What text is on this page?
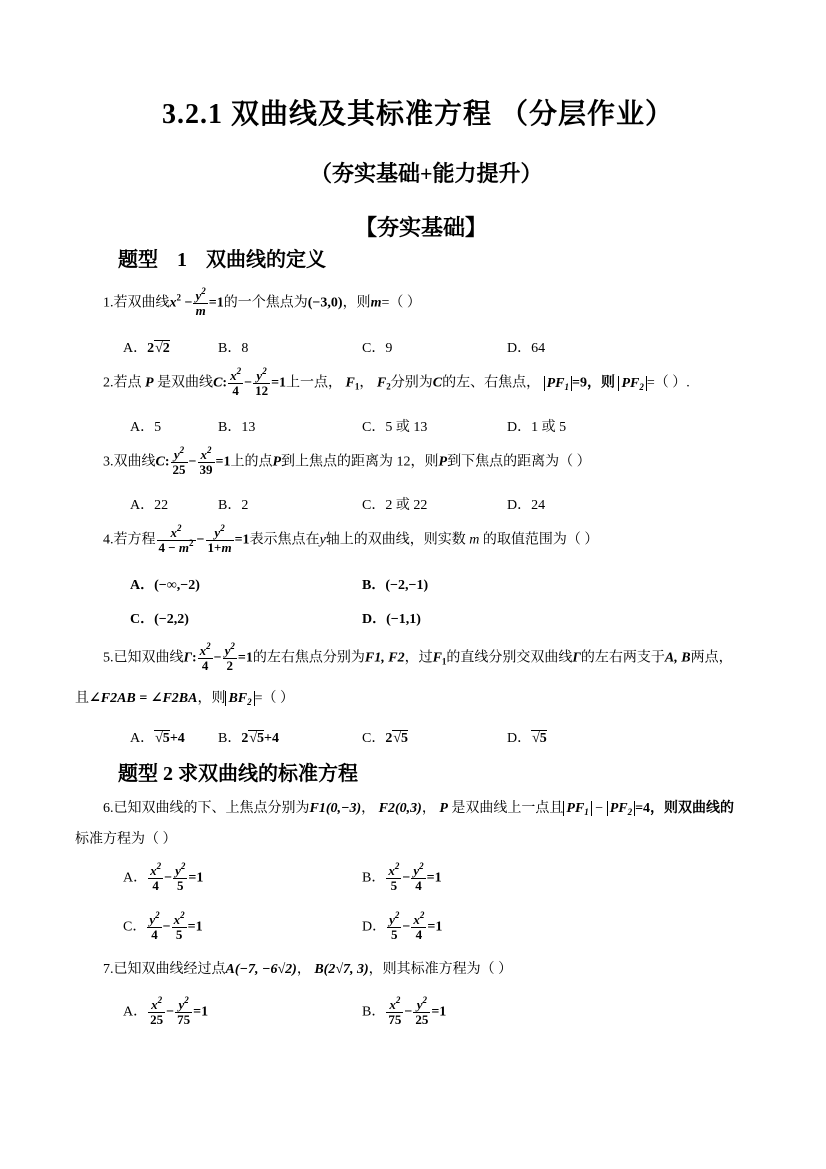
3.2.1 双曲线及其标准方程 （分层作业）
（夯实基础+能力提升）
【夯实基础】
题型 1 双曲线的定义
1.若双曲线$x^2 - \frac{y^2}{m} =1$的一个焦点为(−3,0)，则m=（ ）
A．2√2	B．8	C．9	D．64
2.若点 P 是双曲线C: $\frac{x^2}{4} - \frac{y^2}{12} =1$上一点， $F_1$， $F_2$分别为C的左、右焦点， $PF_1 =9$，则 $PF_2$ =（ ）.
A．5	B．13	C．5 或 13	D．1 或 5
3.双曲线C: $\frac{y^2}{25} - \frac{x^2}{39} =1$上的点P到上焦点的距离为 12，则P到下焦点的距离为（ ）
A．22	B．2	C．2 或 22	D．24
4.若方程 $\frac{x^2}{4 - m^2} - \frac{y^2}{1+m} =1$表示焦点在y轴上的双曲线，则实数 m 的取值范围为（ ）
A．(−∞,−2)	B．(−2,−1)
C．(−2,2)	D．(−1,1)
5.已知双曲线Γ: $\frac{x^2}{4} - \frac{y^2}{2} =1$的左右焦点分别为F1, F2，过$F_1$的直线分别交双曲线Γ的左右两支于A, B两点，
且∠F2AB = ∠F2BA，则 $BF_2$ =（ ）
A．√5+4 B．2√5+4	C．2√5	D．√5
题型 2 求双曲线的标准方程
6.已知双曲线的下、上焦点分别为F1(0,−3)， F2(0,3)， P 是双曲线上一点且 $PF_1 - PF_2 =4$，则双曲线的
标准方程为（ ）
A． $\frac{x^2}{4} - \frac{y^2}{5} =1$	B． $\frac{x^2}{5} - \frac{y^2}{4} =1$
C． $\frac{y^2}{4} - \frac{x^2}{5} =1$	D． $\frac{y^2}{5} - \frac{x^2}{4} =1$
7.已知双曲线经过点A(−7, −6√2)， B(2√7, 3)，则其标准方程为（ ）
A． $\frac{x^2}{25} - \frac{y^2}{75} =1$	B． $\frac{x^2}{75} - \frac{y^2}{25} =1$
